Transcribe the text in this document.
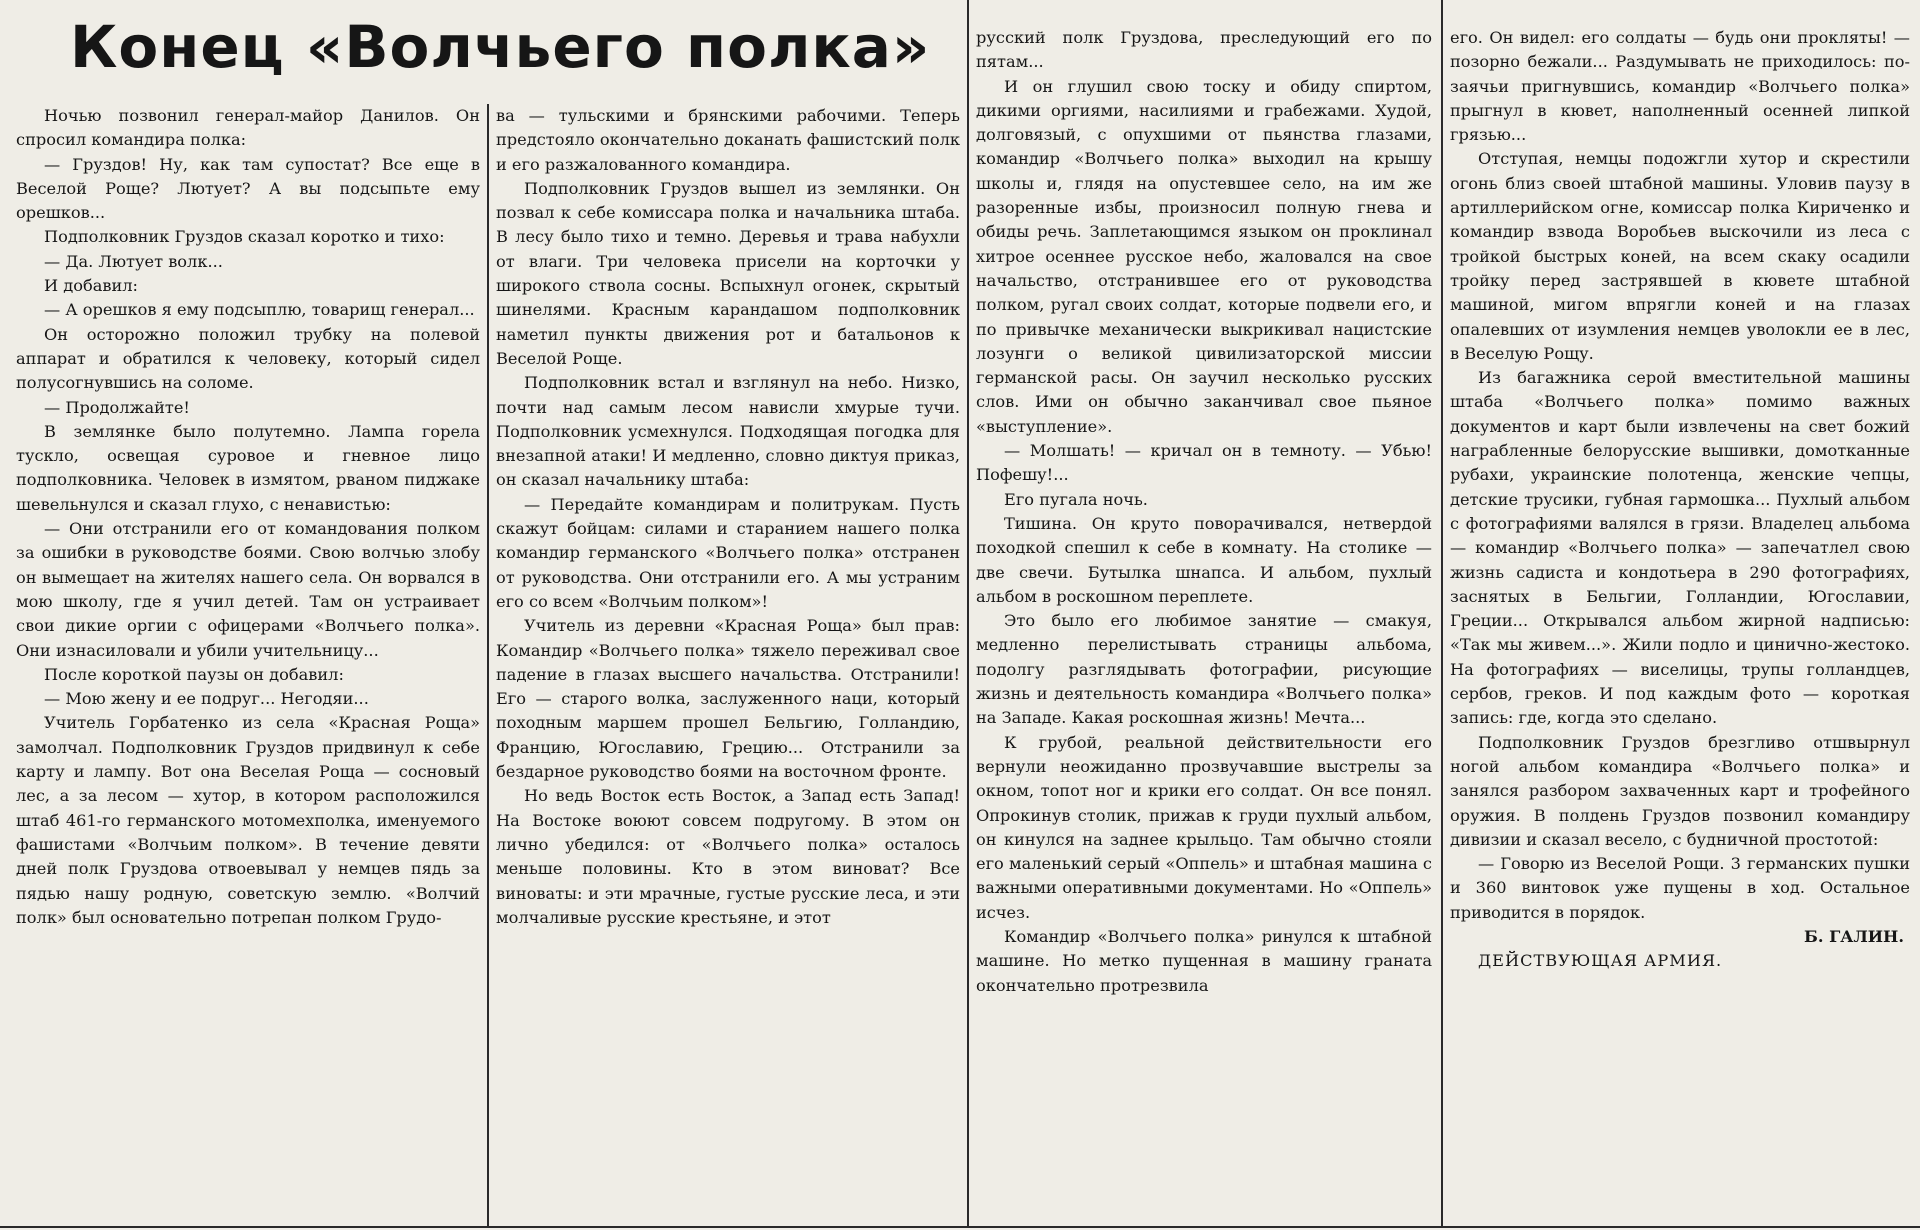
Конец «Волчьего полка»

Ночью позвонил генерал-майор Данилов. Он спросил командира полка:

— Груздов! Ну, как там супостат? Все еще в Веселой Роще? Лютует? А вы подсыпьте ему орешков...

Подполковник Груздов сказал коротко и тихо:

— Да. Лютует волк...

И добавил:

— А орешков я ему подсыплю, товарищ генерал...

Он осторожно положил трубку на полевой аппарат и обратился к человеку, который сидел полусогнувшись на соломе.

— Продолжайте!

В землянке было полутемно. Лампа горела тускло, освещая суровое и гневное лицо подполковника. Человек в измятом, рваном пиджаке шевельнулся и сказал глухо, с ненавистью:

— Они отстранили его от командования полком за ошибки в руководстве боями. Свою волчью злобу он вымещает на жителях нашего села. Он ворвался в мою школу, где я учил детей. Там он устраивает свои дикие оргии с офицерами «Волчьего полка». Они изнасиловали и убили учительницу...

После короткой паузы он добавил:

— Мою жену и ее подруг... Негодяи...

Учитель Горбатенко из села «Красная Роща» замолчал. Подполковник Груздов придвинул к себе карту и лампу. Вот она Веселая Роща — сосновый лес, а за лесом — хутор, в котором расположился штаб 461-го германского мотомехполка, именуемого фашистами «Волчьим полком». В течение девяти дней полк Груздова отвоевывал у немцев пядь за пядью нашу родную, советскую землю. «Волчий полк» был основательно потрепан полком Грудо-

ва — тульскими и брянскими рабочими. Теперь предстояло окончательно доканать фашистский полк и его разжалованного командира.

Подполковник Груздов вышел из землянки. Он позвал к себе комиссара полка и начальника штаба. В лесу было тихо и темно. Деревья и трава набухли от влаги. Три человека присели на корточки у широкого ствола сосны. Вспыхнул огонек, скрытый шинелями. Красным карандашом подполковник наметил пункты движения рот и батальонов к Веселой Роще.

Подполковник встал и взглянул на небо. Низко, почти над самым лесом нависли хмурые тучи. Подполковник усмехнулся. Подходящая погодка для внезапной атаки! И медленно, словно диктуя приказ, он сказал начальнику штаба:

— Передайте командирам и политрукам. Пусть скажут бойцам: силами и старанием нашего полка командир германского «Волчьего полка» отстранен от руководства. Они отстранили его. А мы устраним его со всем «Волчьим полком»!

Учитель из деревни «Красная Роща» был прав: Командир «Волчьего полка» тяжело переживал свое падение в глазах высшего начальства. Отстранили! Его — старого волка, заслуженного наци, который походным маршем прошел Бельгию, Голландию, Францию, Югославию, Грецию... Отстранили за бездарное руководство боями на восточном фронте.

Но ведь Восток есть Восток, а Запад есть Запад! На Востоке воюют совсем подругому. В этом он лично убедился: от «Волчьего полка» осталось меньше половины. Кто в этом виноват? Все виноваты: и эти мрачные, густые русские леса, и эти молчаливые русские крестьяне, и этот

русский полк Груздова, преследующий его по пятам...

И он глушил свою тоску и обиду спиртом, дикими оргиями, насилиями и грабежами. Худой, долговязый, с опухшими от пьянства глазами, командир «Волчьего полка» выходил на крышу школы и, глядя на опустевшее село, на им же разоренные избы, произносил полную гнева и обиды речь. Заплетающимся языком он проклинал хитрое осеннее русское небо, жаловался на свое начальство, отстранившее его от руководства полком, ругал своих солдат, которые подвели его, и по привычке механически выкрикивал нацистские лозунги о великой цивилизаторской миссии германской расы. Он заучил несколько русских слов. Ими он обычно заканчивал свое пьяное «выступление».

— Молшать! — кричал он в темноту. — Убью! Пофешу!...

Его пугала ночь.

Тишина. Он круто поворачивался, нетвердой походкой спешил к себе в комнату. На столике — две свечи. Бутылка шнапса. И альбом, пухлый альбом в роскошном переплете.

Это было его любимое занятие — смакуя, медленно перелистывать страницы альбома, подолгу разглядывать фотографии, рисующие жизнь и деятельность командира «Волчьего полка» на Западе. Какая роскошная жизнь! Мечта...

К грубой, реальной действительности его вернули неожиданно прозвучавшие выстрелы за окном, топот ног и крики его солдат. Он все понял. Опрокинув столик, прижав к груди пухлый альбом, он кинулся на заднее крыльцо. Там обычно стояли его маленький серый «Оппель» и штабная машина с важными оперативными документами. Но «Оппель» исчез.

Командир «Волчьего полка» ринулся к штабной машине. Но метко пущенная в машину граната окончательно протрезвила

его. Он видел: его солдаты — будь они прокляты! — позорно бежали... Раздумывать не приходилось: по-заячьи пригнувшись, командир «Волчьего полка» прыгнул в кювет, наполненный осенней липкой грязью...

Отступая, немцы подожгли хутор и скрестили огонь близ своей штабной машины. Уловив паузу в артиллерийском огне, комиссар полка Кириченко и командир взвода Воробьев выскочили из леса с тройкой быстрых коней, на всем скаку осадили тройку перед застрявшей в кювете штабной машиной, мигом впрягли коней и на глазах опалевших от изумления немцев уволокли ее в лес, в Веселую Рощу.

Из багажника серой вместительной машины штаба «Волчьего полка» помимо важных документов и карт были извлечены на свет божий награбленные белорусские вышивки, домотканные рубахи, украинские полотенца, женские чепцы, детские трусики, губная гармошка... Пухлый альбом с фотографиями валялся в грязи. Владелец альбома — командир «Волчьего полка» — запечатлел свою жизнь садиста и кондотьера в 290 фотографиях, заснятых в Бельгии, Голландии, Югославии, Греции... Открывался альбом жирной надписью: «Так мы живем...». Жили подло и цинично-жестоко. На фотографиях — виселицы, трупы голландцев, сербов, греков. И под каждым фото — короткая запись: где, когда это сделано.

Подполковник Груздов брезгливо отшвырнул ногой альбом командира «Волчьего полка» и занялся разбором захваченных карт и трофейного оружия. В полдень Груздов позвонил командиру дивизии и сказал весело, с будничной простотой:

— Говорю из Веселой Рощи. 3 германских пушки и 360 винтовок уже пущены в ход. Остальное приводится в порядок.

Б. ГАЛИН.

ДЕЙСТВУЮЩАЯ АРМИЯ.
